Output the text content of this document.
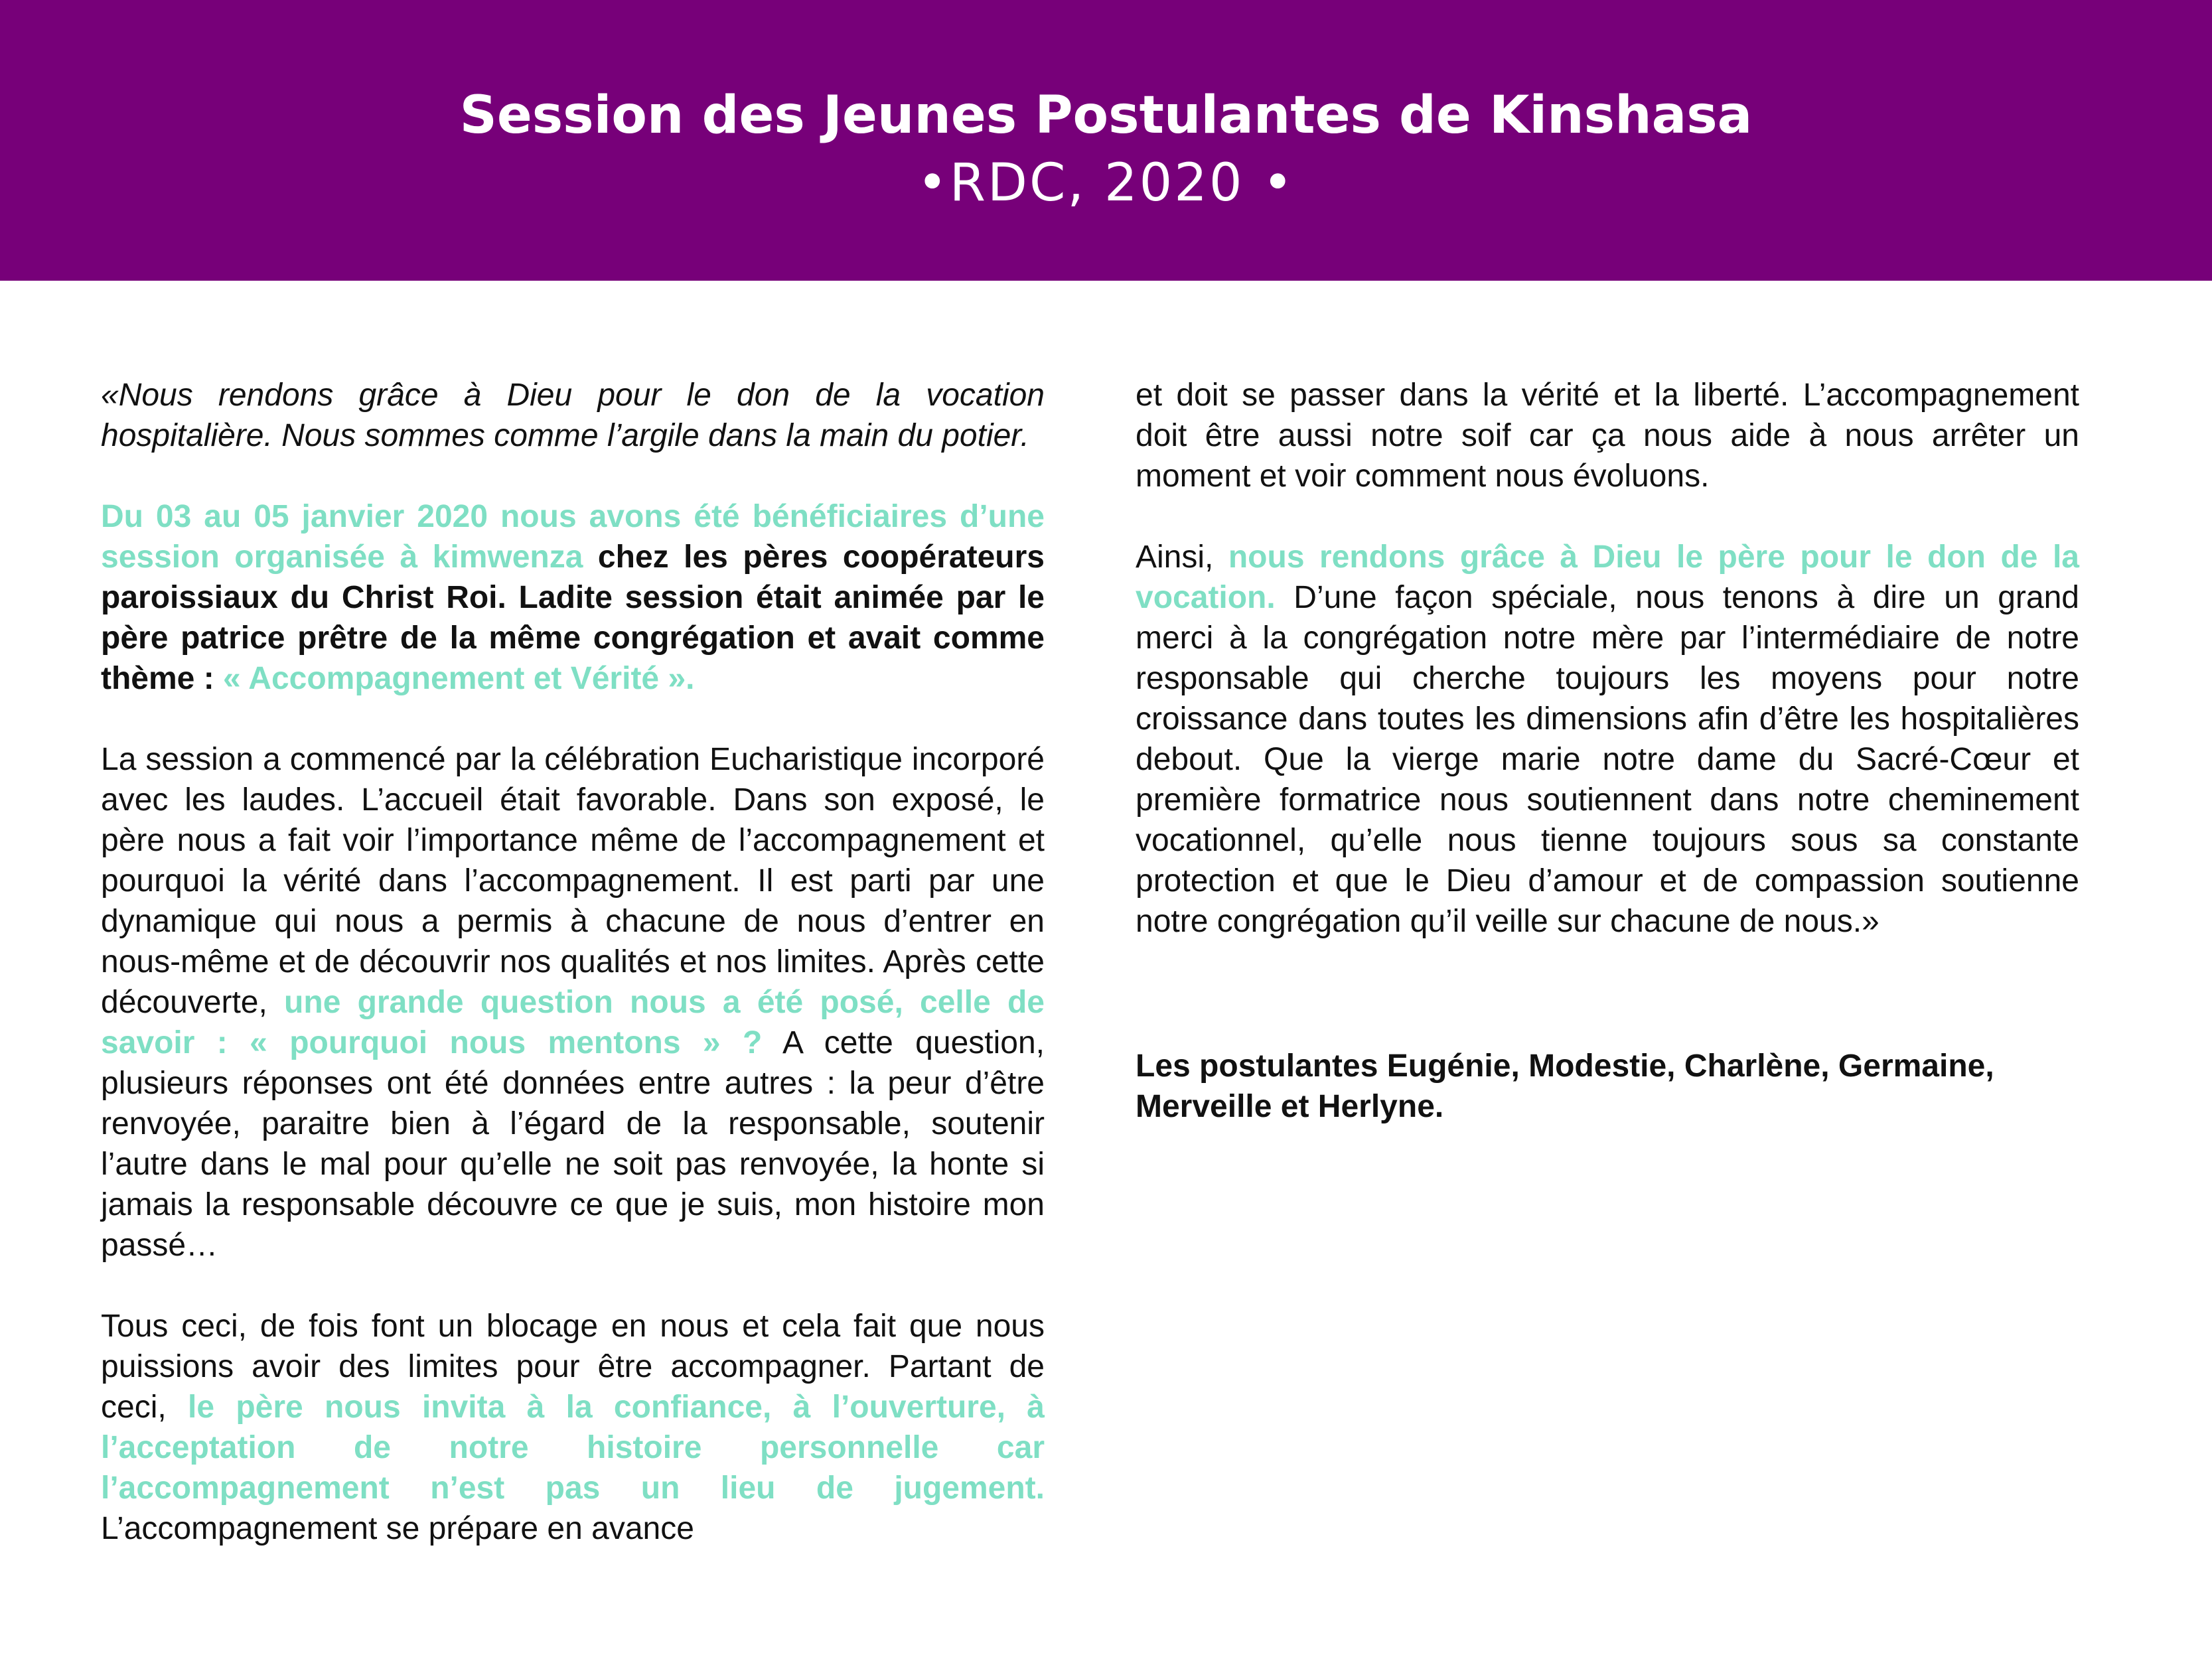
Session des Jeunes Postulantes de Kinshasa
•RDC, 2020 •

«Nous rendons grâce à Dieu pour le don de la vocation hospitalière. Nous sommes comme l’argile dans la main du potier.

Du 03 au 05 janvier 2020 nous avons été bénéficiaires d’une session organisée à kimwenza chez les pères coopérateurs paroissiaux du Christ Roi. Ladite session était animée par le père patrice prêtre de la même congrégation et avait comme thème : « Accompagnement et Vérité ».

La session a commencé par la célébration Eucharistique incorporé avec les laudes. L’accueil était favorable. Dans son exposé, le père nous a fait voir l’importance même de l’accompagnement et pourquoi la vérité dans l’accompagnement. Il est parti par une dynamique qui nous a permis à chacune de nous d’entrer en nous-même et de découvrir nos qualités et nos limites. Après cette découverte, une grande question nous a été posé, celle de savoir : « pourquoi nous mentons » ? A cette question, plusieurs réponses ont été données entre autres : la peur d’être renvoyée, paraitre bien à l’égard de la responsable, soutenir l’autre dans le mal pour qu’elle ne soit pas renvoyée, la honte si jamais la responsable découvre ce que je suis, mon histoire mon passé…

Tous ceci, de fois font un blocage en nous et cela fait que nous puissions avoir des limites pour être accompagner. Partant de ceci, le père nous invita à la confiance, à l’ouverture, à l’acceptation de notre histoire personnelle car l’accompagnement n’est pas un lieu de jugement. L’accompagnement se prépare en avance

et doit se passer dans la vérité et la liberté. L’accompagnement doit être aussi notre soif car ça nous aide à nous arrêter un moment et voir comment nous évoluons.

Ainsi, nous rendons grâce à Dieu le père pour le don de la vocation. D’une façon spéciale, nous tenons à dire un grand merci à la congrégation notre mère par l’intermédiaire de notre responsable qui cherche toujours les moyens pour notre croissance dans toutes les dimensions afin d’être les hospitalières debout. Que la vierge marie notre dame du Sacré-Cœur et première formatrice nous soutiennent dans notre cheminement vocationnel, qu’elle nous tienne toujours sous sa constante protection et que le Dieu d’amour et de compassion soutienne notre congrégation qu’il veille sur chacune de nous.»

Les postulantes Eugénie, Modestie, Charlène, Germaine, Merveille et Herlyne.
